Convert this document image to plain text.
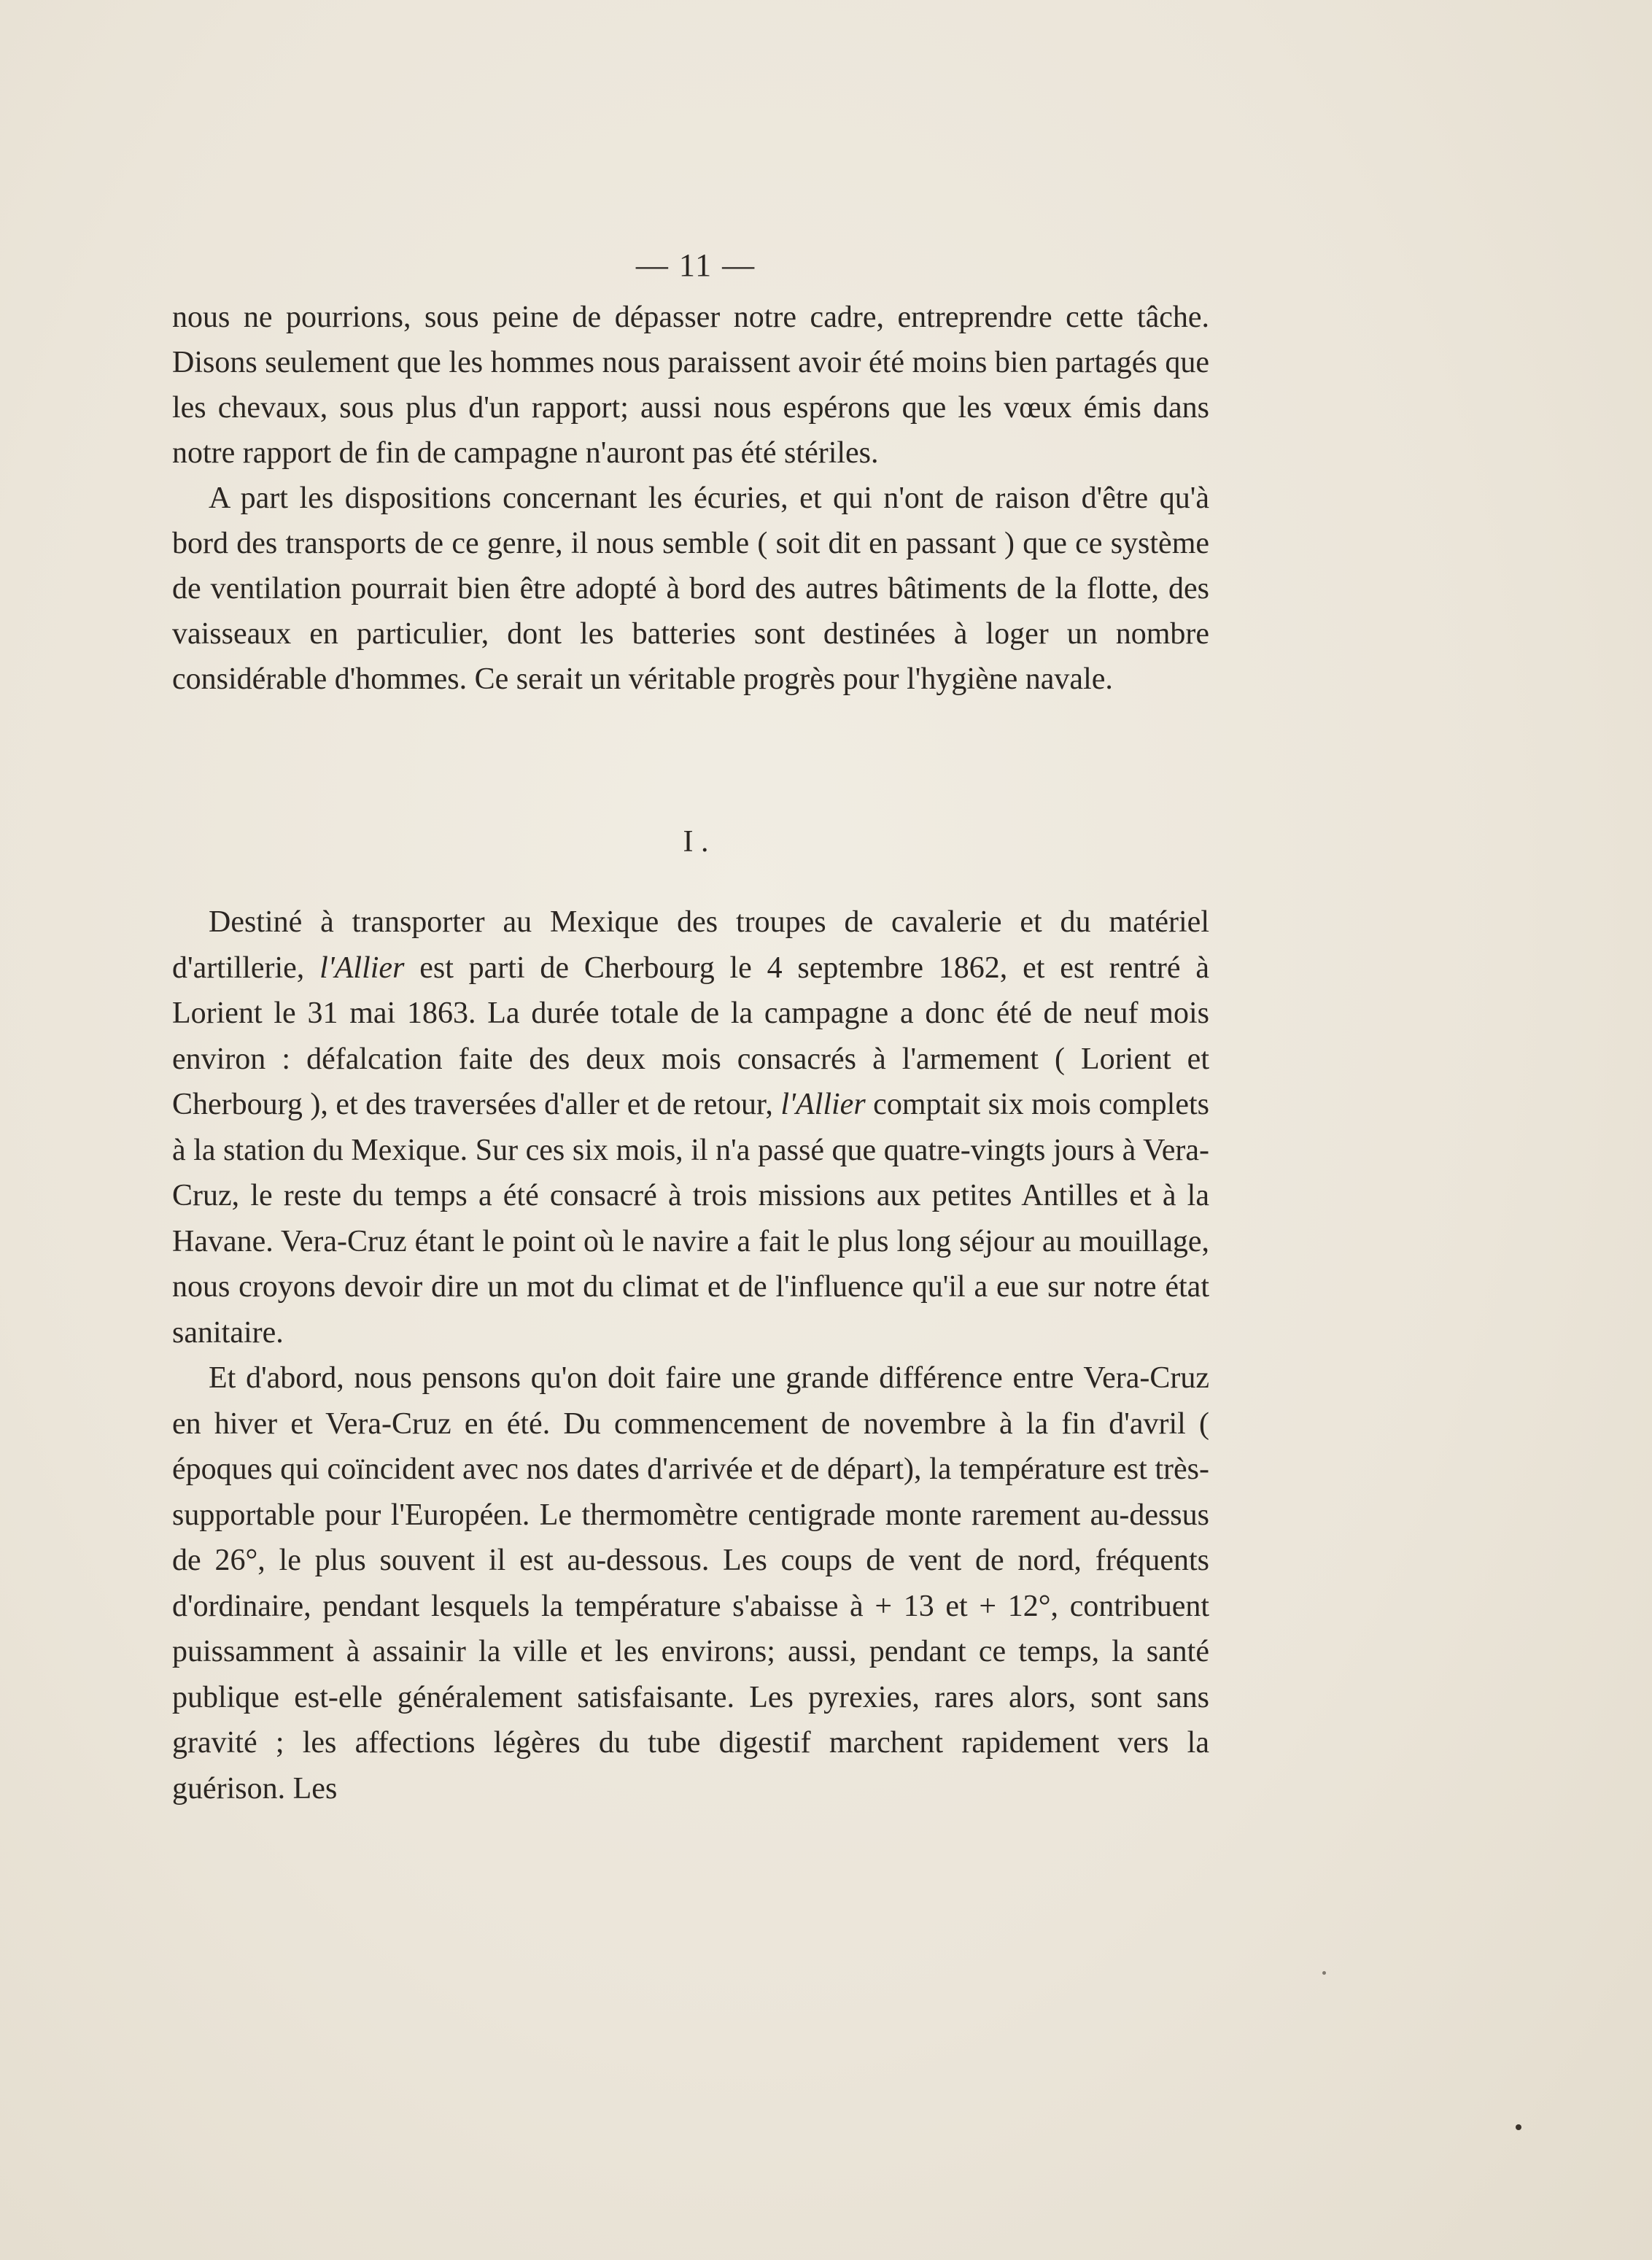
— 11 —

nous ne pourrions, sous peine de dépasser notre cadre, entreprendre cette tâche. Disons seulement que les hommes nous paraissent avoir été moins bien partagés que les chevaux, sous plus d'un rapport; aussi nous espérons que les vœux émis dans notre rapport de fin de campagne n'auront pas été stériles.

A part les dispositions concernant les écuries, et qui n'ont de raison d'être qu'à bord des transports de ce genre, il nous semble ( soit dit en passant ) que ce système de ventilation pourrait bien être adopté à bord des autres bâtiments de la flotte, des vaisseaux en particulier, dont les batteries sont destinées à loger un nombre considérable d'hommes. Ce serait un véritable progrès pour l'hygiène navale.

I .

Destiné à transporter au Mexique des troupes de cavalerie et du matériel d'artillerie, l'Allier est parti de Cherbourg le 4 septembre 1862, et est rentré à Lorient le 31 mai 1863. La durée totale de la campagne a donc été de neuf mois environ : défalcation faite des deux mois consacrés à l'armement ( Lorient et Cherbourg ), et des traversées d'aller et de retour, l'Allier comptait six mois complets à la station du Mexique. Sur ces six mois, il n'a passé que quatre-vingts jours à Vera-Cruz, le reste du temps a été consacré à trois missions aux petites Antilles et à la Havane. Vera-Cruz étant le point où le navire a fait le plus long séjour au mouillage, nous croyons devoir dire un mot du climat et de l'influence qu'il a eue sur notre état sanitaire.

Et d'abord, nous pensons qu'on doit faire une grande différence entre Vera-Cruz en hiver et Vera-Cruz en été. Du commencement de novembre à la fin d'avril ( époques qui coïncident avec nos dates d'arrivée et de départ), la température est très-supportable pour l'Européen. Le thermomètre centigrade monte rarement au-dessus de 26°, le plus souvent il est au-dessous. Les coups de vent de nord, fréquents d'ordinaire, pendant lesquels la température s'abaisse à + 13 et + 12°, contribuent puissamment à assainir la ville et les environs; aussi, pendant ce temps, la santé publique est-elle généralement satisfaisante. Les pyrexies, rares alors, sont sans gravité ; les affections légères du tube digestif marchent rapidement vers la guérison. Les
